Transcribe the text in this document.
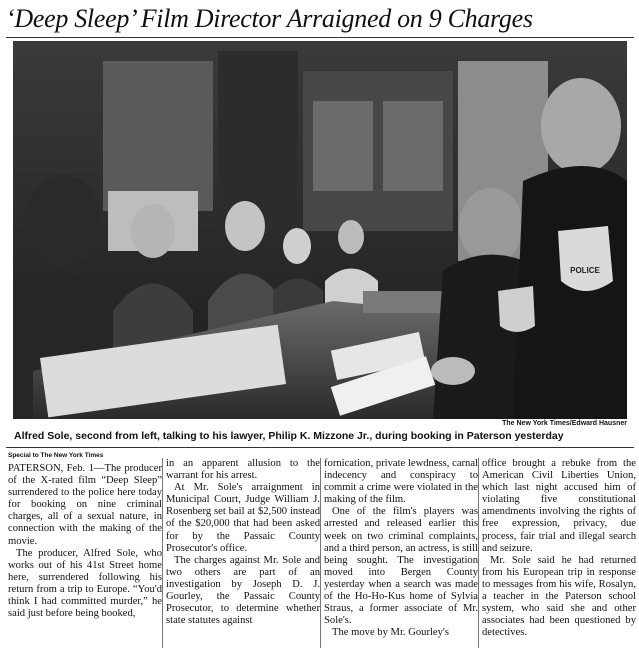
‘Deep Sleep’ Film Director Arraigned on 9 Charges
POLICE
The New York Times/Edward Hausner
Alfred Sole, second from left, talking to his lawyer, Philip K. Mizzone Jr., during booking in Paterson yesterday
Special to The New York Times

PATERSON, Feb. 1—The producer of the X-rated film “Deep Sleep” surrendered to the police here today for booking on nine criminal charges, all of a sexual nature, in connection with the making of the movie.

The producer, Alfred Sole, who works out of his 41st Street home here, surrendered following his return from a trip to Europe. “You'd think I had committed murder,” he said just before being booked,

in an apparent allusion to the warrant for his arrest.

At Mr. Sole's arraignment in Municipal Court, Judge William J. Rosenberg set bail at $2,500 instead of the $20,000 that had been asked for by the Passaic County Prosecutor's office.

The charges against Mr. Sole and two others are part of an investigation by Joseph D. J. Gourley, the Passaic County Prosecutor, to determine whether state statutes against

fornication, private lewdness, carnal indecency and conspiracy to commit a crime were violated in the making of the film.

One of the film's players was arrested and released earlier this week on two criminal complaints, and a third person, an actress, is still being sought. The investigation moved into Bergen County yesterday when a search was made of the Ho-Ho-Kus home of Sylvia Straus, a former associate of Mr. Sole's.

The move by Mr. Gourley's

office brought a rebuke from the American Civil Liberties Union, which last night accused him of violating five constitutional amendments involving the rights of free expression, privacy, due process, fair trial and illegal search and seizure.

Mr. Sole said he had returned from his European trip in response to messages from his wife, Rosalyn, a teacher in the Paterson school system, who said she and other associates had been questioned by detectives.
